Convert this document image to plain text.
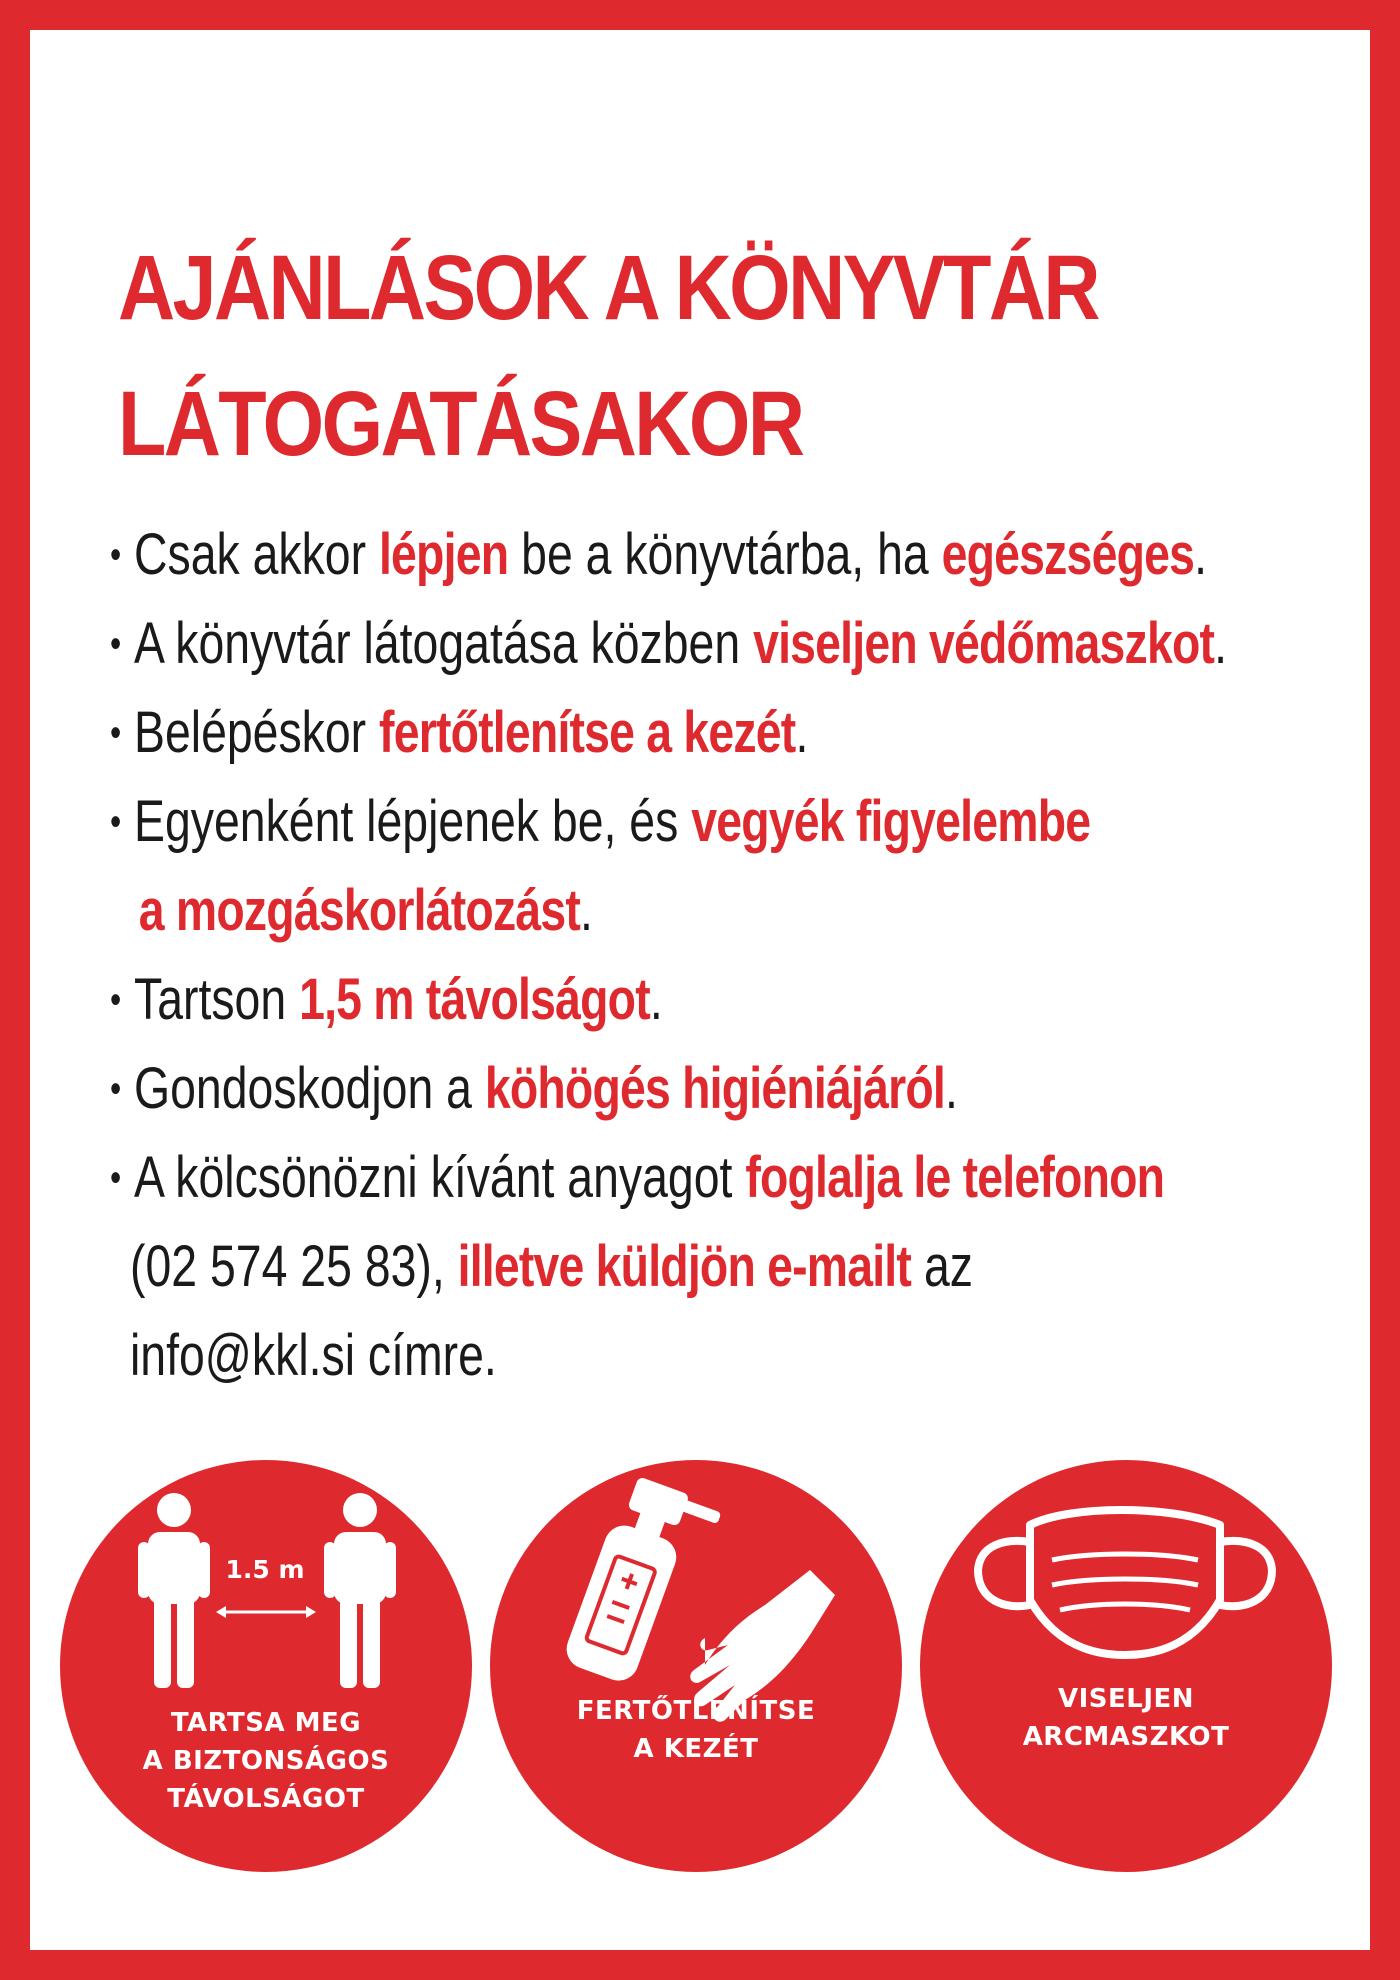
AJÁNLÁSOK A KÖNYVTÁR
LÁTOGATÁSAKOR
• Csak akkor lépjen be a könyvtárba, ha egészséges.
• A könyvtár látogatása közben viseljen védőmaszkot.
• Belépéskor fertőtlenítse a kezét.
• Egyenként lépjenek be, és vegyék figyelembe
a mozgáskorlátozást.
• Tartson 1,5 m távolságot.
• Gondoskodjon a köhögés higiéniájáról.
• A kölcsönözni kívánt anyagot foglalja le telefonon
(02 574 25 83), illetve küldjön e-mailt az
info@kkl.si címre.
1.5 m
TARTSA MEG
A BIZTONSÁGOS
TÁVOLSÁGOT
FERTŐTLENÍTSE
A KEZÉT
VISELJEN
ARCMASZKOT
